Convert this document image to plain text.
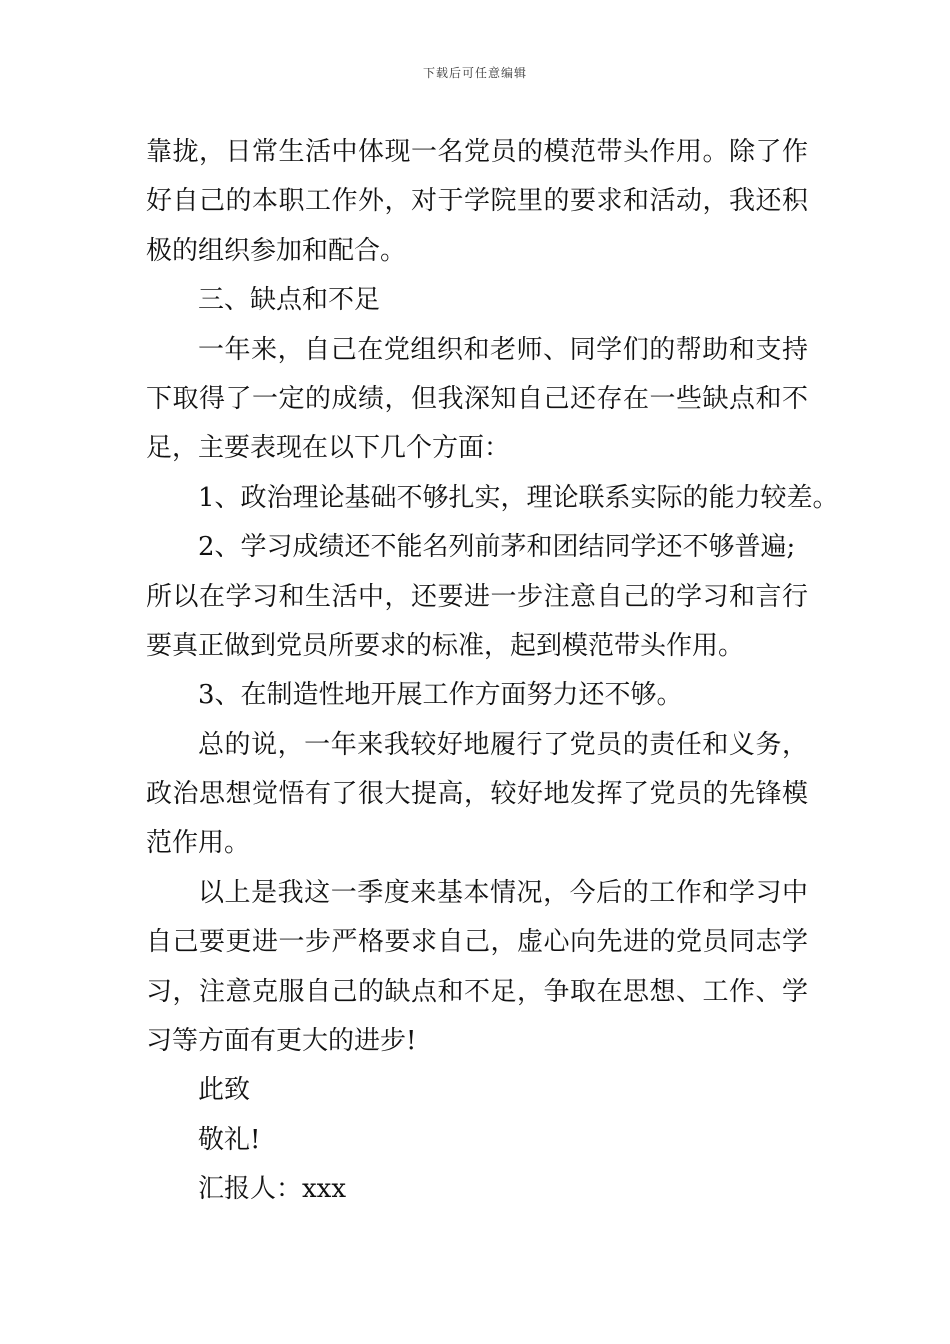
下载后可任意编辑
靠拢，日常生活中体现一名党员的模范带头作用。除了作
好自己的本职工作外，对于学院里的要求和活动，我还积
极的组织参加和配合。
三、缺点和不足
一年来，自己在党组织和老师、同学们的帮助和支持
下取得了一定的成绩，但我深知自己还存在一些缺点和不
足，主要表现在以下几个方面：
1、政治理论基础不够扎实，理论联系实际的能力较差。
2、学习成绩还不能名列前茅和团结同学还不够普遍;
所以在学习和生活中，还要进一步注意自己的学习和言行
要真正做到党员所要求的标准，起到模范带头作用。
3、在制造性地开展工作方面努力还不够。
总的说，一年来我较好地履行了党员的责任和义务，
政治思想觉悟有了很大提高，较好地发挥了党员的先锋模
范作用。
以上是我这一季度来基本情况，今后的工作和学习中
自己要更进一步严格要求自己，虚心向先进的党员同志学
习，注意克服自己的缺点和不足，争取在思想、工作、学
习等方面有更大的进步!
此致
敬礼!
汇报人：xxx
